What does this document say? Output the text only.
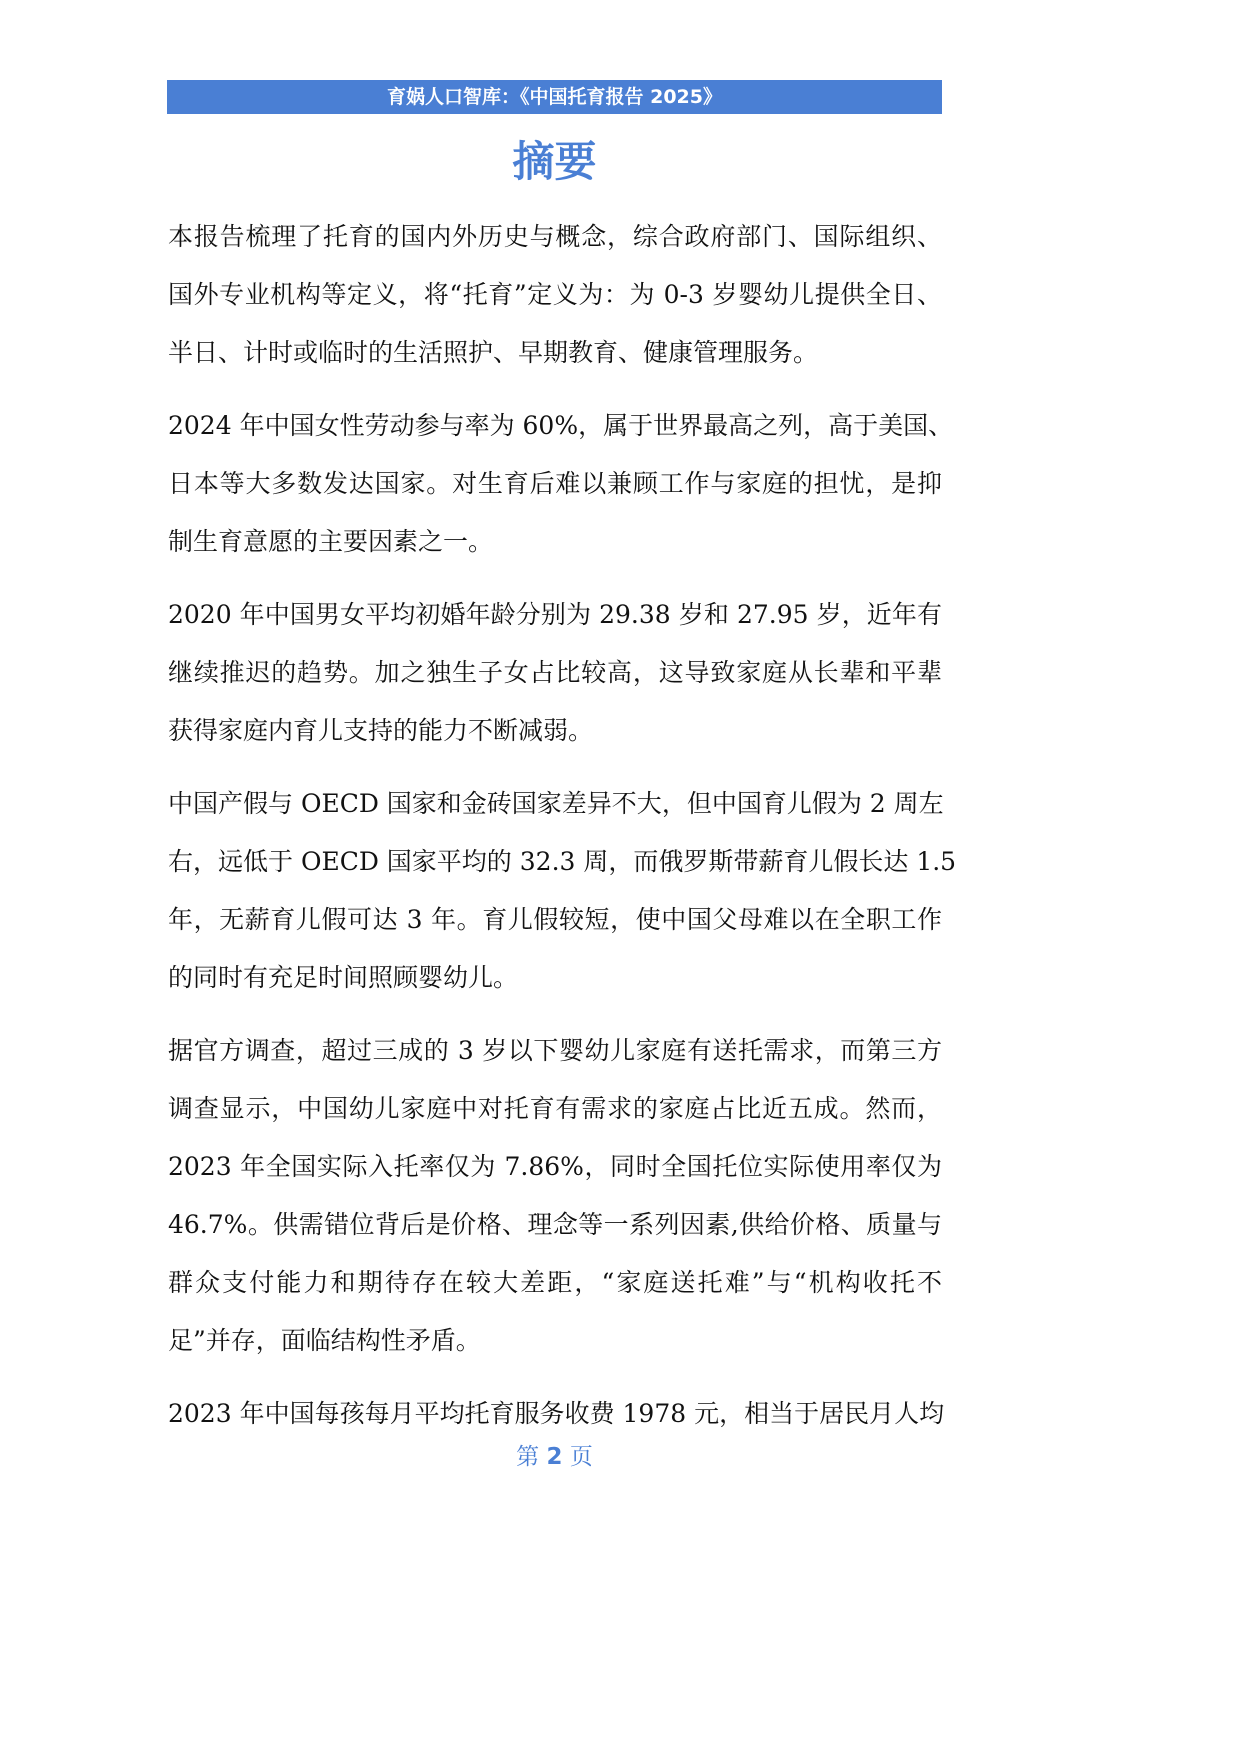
育娲人口智库：《中国托育报告 2025》
摘要
本报告梳理了托育的国内外历史与概念，综合政府部门、国际组织、
国外专业机构等定义，将“托育”定义为：为 0-3 岁婴幼儿提供全日、
半日、计时或临时的生活照护、早期教育、健康管理服务。
2024 年中国女性劳动参与率为 60%，属于世界最高之列，高于美国、
日本等大多数发达国家。对生育后难以兼顾工作与家庭的担忧，是抑
制生育意愿的主要因素之一。
2020 年中国男女平均初婚年龄分别为 29.38 岁和 27.95 岁，近年有
继续推迟的趋势。加之独生子女占比较高，这导致家庭从长辈和平辈
获得家庭内育儿支持的能力不断减弱。
中国产假与 OECD 国家和金砖国家差异不大，但中国育儿假为 2 周左
右，远低于 OECD 国家平均的 32.3 周，而俄罗斯带薪育儿假长达 1.5
年，无薪育儿假可达 3 年。育儿假较短，使中国父母难以在全职工作
的同时有充足时间照顾婴幼儿。
据官方调查，超过三成的 3 岁以下婴幼儿家庭有送托需求，而第三方
调查显示，中国幼儿家庭中对托育有需求的家庭占比近五成。然而，
2023 年全国实际入托率仅为 7.86%，同时全国托位实际使用率仅为
46.7%。供需错位背后是价格、理念等一系列因素,供给价格、质量与
群众支付能力和期待存在较大差距，“家庭送托难”与“机构收托不
足”并存，面临结构性矛盾。
2023 年中国每孩每月平均托育服务收费 1978 元，相当于居民月人均
第 2 页
